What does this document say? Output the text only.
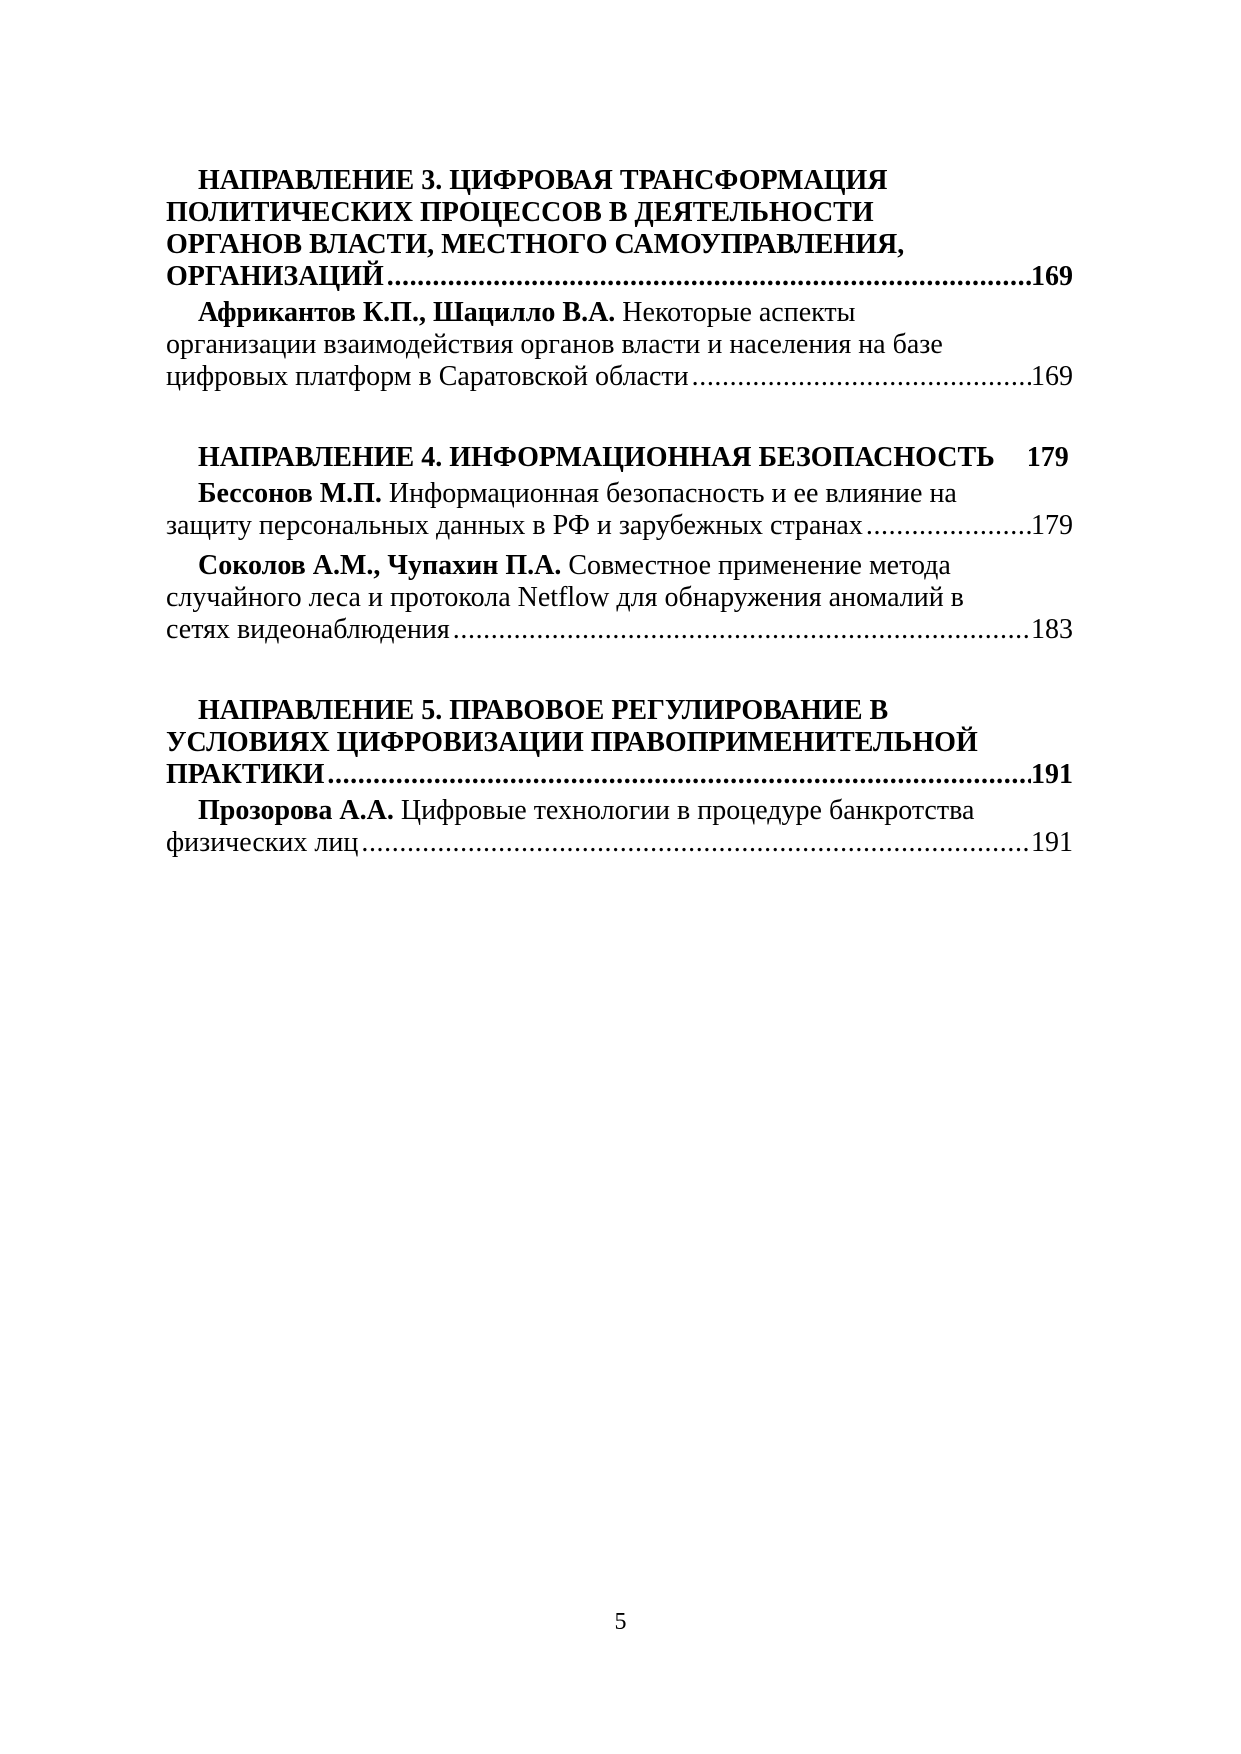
НАПРАВЛЕНИЕ 3. ЦИФРОВАЯ ТРАНСФОРМАЦИЯ
ПОЛИТИЧЕСКИХ ПРОЦЕССОВ В ДЕЯТЕЛЬНОСТИ
ОРГАНОВ ВЛАСТИ, МЕСТНОГО САМОУПРАВЛЕНИЯ,
ОРГАНИЗАЦИЙ . . .	169
Африкантов К.П., Шацилло В.А. Некоторые аспекты
организации взаимодействия органов власти и населения на базе
цифровых платформ в Саратовской области . . .	169
НАПРАВЛЕНИЕ 4. ИНФОРМАЦИОННАЯ БЕЗОПАСНОСТЬ	179
Бессонов М.П. Информационная безопасность и ее влияние на
защиту персональных данных в РФ и зарубежных странах . . .	179
Соколов А.М., Чупахин П.А. Совместное применение метода
случайного леса и протокола Netflow для обнаружения аномалий в
сетях видеонаблюдения . . .	183
НАПРАВЛЕНИЕ 5. ПРАВОВОЕ РЕГУЛИРОВАНИЕ В
УСЛОВИЯХ ЦИФРОВИЗАЦИИ ПРАВОПРИМЕНИТЕЛЬНОЙ
ПРАКТИКИ . . .	191
Прозорова А.А. Цифровые технологии в процедуре банкротства
физических лиц . . .	191
5
